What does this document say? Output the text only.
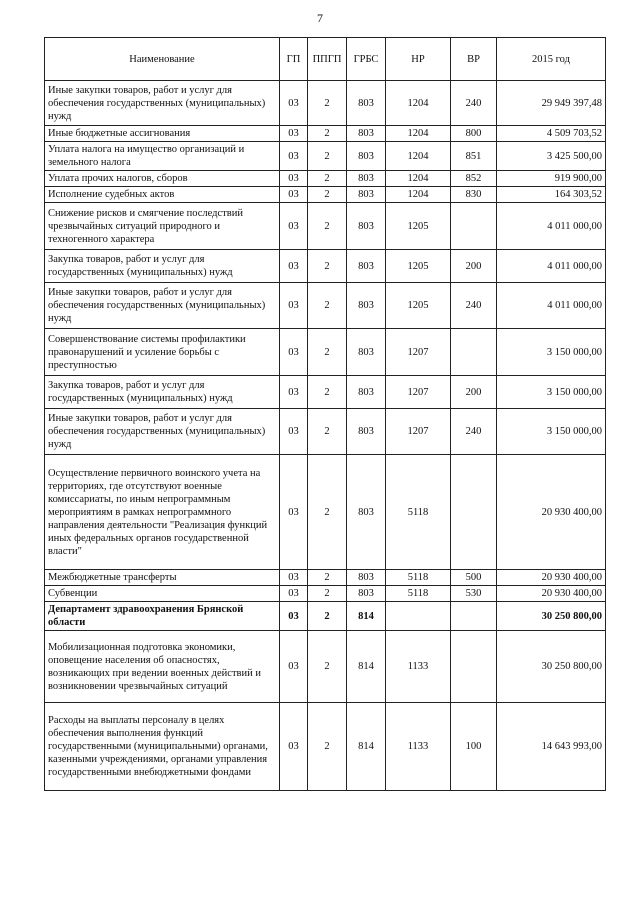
7
Наименование	ГП	ППГП	ГРБС	НР	ВР	2015 год
Иные закупки товаров, работ и услуг для обеспечения государственных (муниципальных) нужд	03	2	803	1204	240	29 949 397,48
Иные бюджетные ассигнования	03	2	803	1204	800	4 509 703,52
Уплата налога на имущество организаций и земельного налога	03	2	803	1204	851	3 425 500,00
Уплата прочих налогов, сборов	03	2	803	1204	852	919 900,00
Исполнение судебных актов	03	2	803	1204	830	164 303,52
Снижение рисков и смягчение последствий чрезвычайных ситуаций природного и техногенного характера	03	2	803	1205		4 011 000,00
Закупка товаров, работ и услуг для государственных (муниципальных) нужд	03	2	803	1205	200	4 011 000,00
Иные закупки товаров, работ и услуг для обеспечения государственных (муниципальных) нужд	03	2	803	1205	240	4 011 000,00
Совершенствование системы профилактики правонарушений и усиление борьбы с преступностью	03	2	803	1207		3 150 000,00
Закупка товаров, работ и услуг для государственных (муниципальных) нужд	03	2	803	1207	200	3 150 000,00
Иные закупки товаров, работ и услуг для обеспечения государственных (муниципальных) нужд	03	2	803	1207	240	3 150 000,00
Осуществление первичного воинского учета на территориях, где отсутствуют военные комиссариаты, по иным непрограммным мероприятиям в рамках непрограммного направления деятельности "Реализация функций иных федеральных органов государственной власти"	03	2	803	5118		20 930 400,00
Межбюджетные трансферты	03	2	803	5118	500	20 930 400,00
Субвенции	03	2	803	5118	530	20 930 400,00
Департамент здравоохранения Брянской области	03	2	814			30 250 800,00
Мобилизационная подготовка экономики, оповещение населения об опасностях, возникающих при ведении военных действий и возникновении чрезвычайных ситуаций	03	2	814	1133		30 250 800,00
Расходы на выплаты персоналу в целях обеспечения выполнения функций государственными (муниципальными) органами, казенными учреждениями, органами управления государственными внебюджетными фондами	03	2	814	1133	100	14 643 993,00
